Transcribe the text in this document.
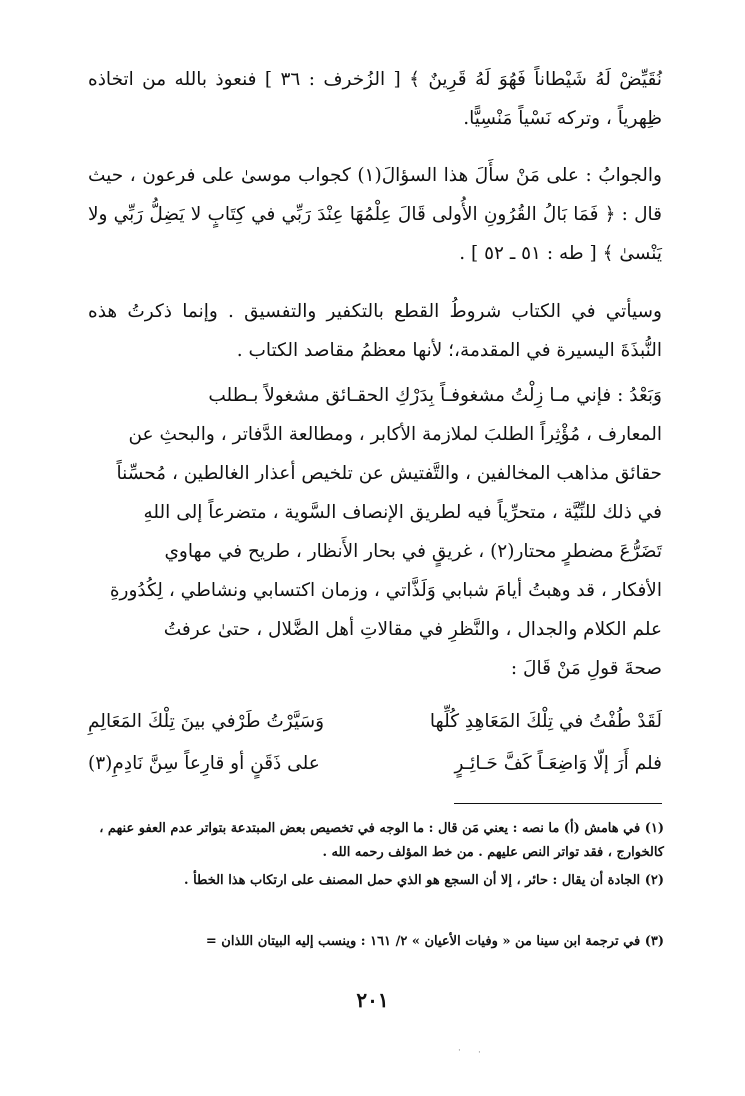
نُقَيِّضْ لَهُ شَيْطاناً فَهُوَ لَهُ قَرِينٌ ﴾ [ الزُخرف : ٣٦ ] فنعوذ بالله من اتخاذه ظِهرياً ، وتركه نَسْياً مَنْسِيًّا.

والجوابُ : على مَنْ سأَلَ هذا السؤالَ(١) كجواب موسىٰ على فرعون ، حيث قال : ﴿ فَمَا بَالُ القُرُونِ الأُولى قَالَ عِلْمُهَا عِنْدَ رَبِّي في كِتَابٍ لا يَضِلُّ رَبِّي ولا يَنْسىٰ ﴾ [ طه : ٥١ ـ ٥٢ ] .

وسيأتي في الكتاب شروطُ القطع بالتكفير والتفسيق . وإنما ذكرتُ هذه النُّبذَةَ اليسيرة في المقدمة،؛ لأنها معظمُ مقاصد الكتاب .

وَبَعْدُ : فإني مـا زِلْتُ مشغوفـاً بِدَرْكِ الحقـائق مشغولاً بـطلب
المعارف ، مُؤْثِراً الطلبَ لملازمة الأكابر ، ومطالعة الدَّفاتر ، والبحثِ عن
حقائق مذاهب المخالفين ، والتَّفتيش عن تلخيص أعذار الغالطين ، مُحسِّناً
في ذلك للنِّيَّة ، متحرِّياً فيه لطريق الإنصاف السَّوية ، متضرعاً إلى اللهِ
تَضَرُّعَ مضطرٍ محتار(٢) ، غريقٍ في بحار الأَنظار ، طريح في مهاوي
الأفكار ، قد وهبتُ أيامَ شبابي وَلَذَّاتي ، وزمان اكتسابي ونشاطي ، لِكُدُورةِ
علم الكلام والجدال ، والنَّظرِ في مقالاتِ أهل الضَّلال ، حتىٰ عرفتُ
صحةَ قولِ مَنْ قَالَ :
لَقَدْ طُفْتُ في تِلْكَ المَعَاهِدِ كُلِّها
وَسَيَّرْتُ طَرْفي بينَ تِلْكَ المَعَالِمِ
فلم أَرَ إلّا وَاضِعَـاً كَفَّ حَـائِـرٍ
على ذَقَنٍ أو قارِعاً سِنَّ نَادِمِ(٣)

(١) في هامش (أ) ما نصه : يعني مَن قال : ما الوجه في تخصيص بعض المبتدعة بتواتر عدم العفو عنهم ، كالخوارج ، فقد تواتر النص عليهم . من خط المؤلف رحمه الله .

(٢) الجادة أن يقال : حائر ، إلا أن السجع هو الذي حمل المصنف على ارتكاب هذا الخطأ .

(٣) في ترجمة ابن سينا من « وفيات الأعيان » ٢/ ١٦١ : وينسب إليه البيتان اللذان =

٢٠١
· ·
